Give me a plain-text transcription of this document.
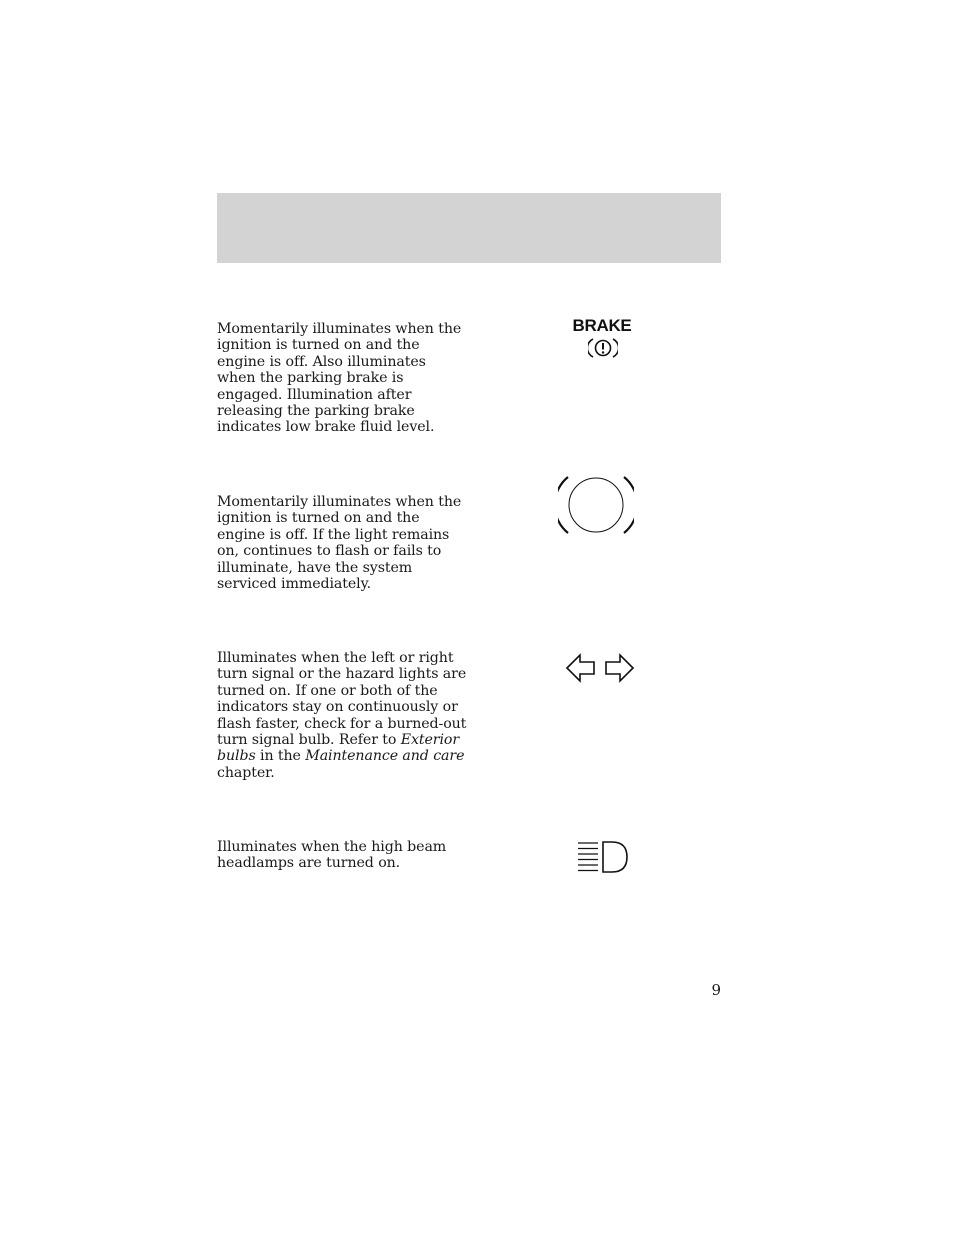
Momentarily illuminates when the ignition is turned on and the engine is off. Also illuminates when the parking brake is engaged. Illumination after releasing the parking brake indicates low brake fluid level.

BRAKE

Momentarily illuminates when the ignition is turned on and the engine is off. If the light remains on, continues to flash or fails to illuminate, have the system serviced immediately.

Illuminates when the left or right turn signal or the hazard lights are turned on. If one or both of the indicators stay on continuously or flash faster, check for a burned-out turn signal bulb. Refer to Exterior bulbs in the Maintenance and care chapter.

Illuminates when the high beam headlamps are turned on.

9
